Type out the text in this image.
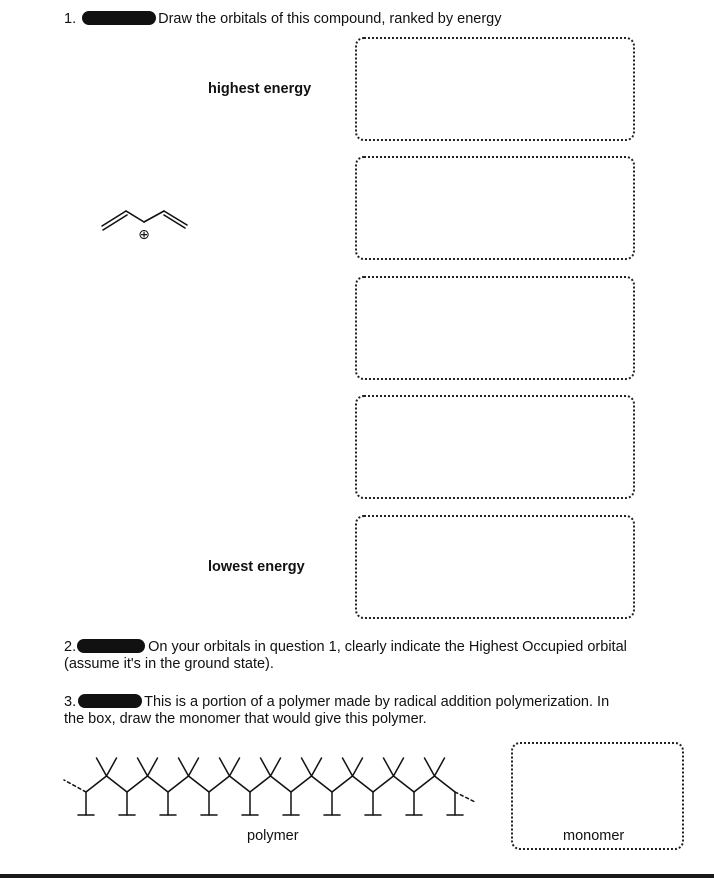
1.	Draw the orbitals of this compound, ranked by energy
highest energy
lowest energy
⊕
2.	On your orbitals in question 1, clearly indicate the Highest Occupied orbital
(assume it's in the ground state).
3.	This is a portion of a polymer made by radical addition polymerization. In
the box, draw the monomer that would give this polymer.
polymer	monomer
